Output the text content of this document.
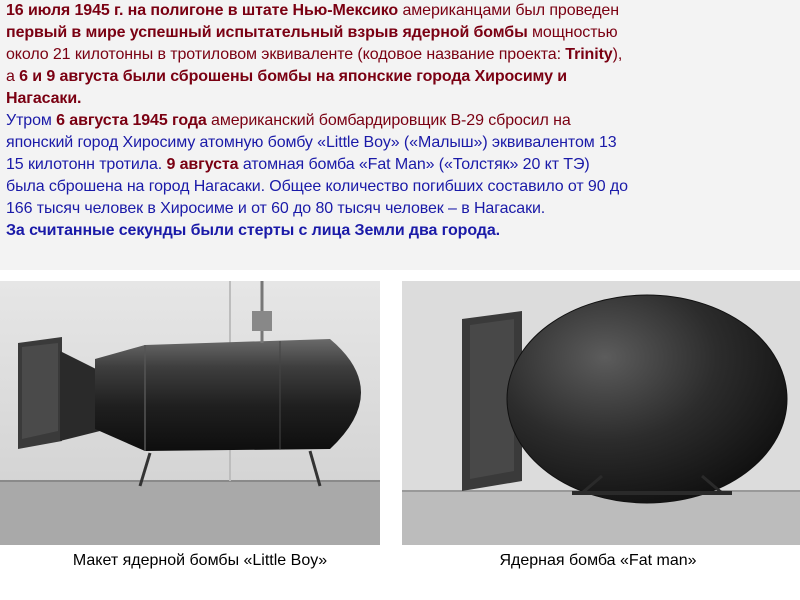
16 июля 1945 г. на полигоне в штате Нью-Мексико американцами был проведен
первый в мире успешный испытательный взрыв ядерной бомбы мощностью
около 21 килотонны в тротиловом эквиваленте (кодовое название проекта: Trinity),
а 6 и 9 августа были сброшены бомбы на японские города Хиросиму и
Нагасаки.
Утром 6 августа 1945 года американский бомбардировщик B-29 сбросил на
японский город Хиросиму атомную бомбу «Little Boy» («Малыш») эквивалентом 13
15 килотонн тротила. 9 августа атомная бомба «Fat Man» («Толстяк» 20 кт ТЭ)
была сброшена на город Нагасаки. Общее количество погибших составило от 90 до
166 тысяч человек в Хиросиме и от 60 до 80 тысяч человек – в Нагасаки.
За считанные секунды были стерты с лица Земли два города.
Макет ядерной бомбы «Little Boy»	Ядерная бомба «Fat man»
